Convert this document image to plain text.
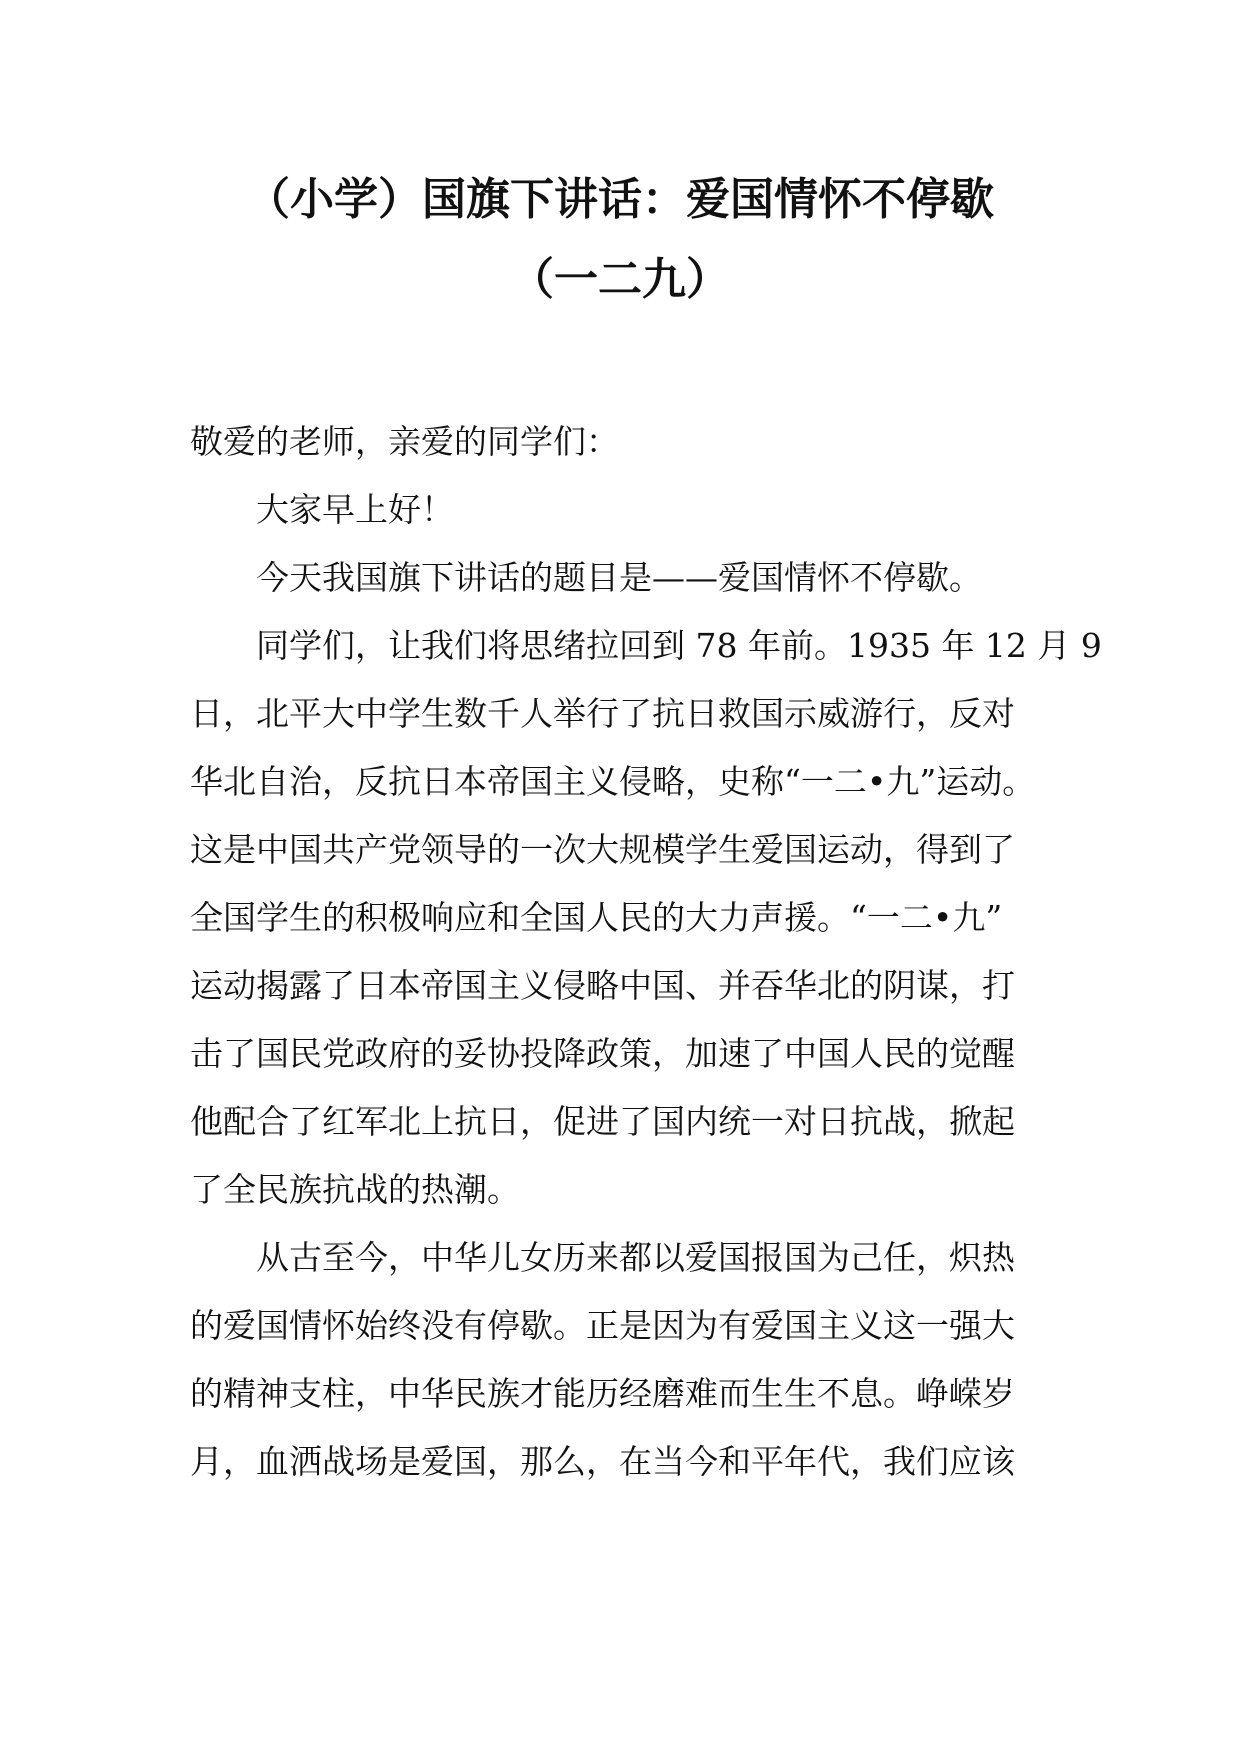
（小学）国旗下讲话：爱国情怀不停歇
（一二九）

敬爱的老师，亲爱的同学们：

大家早上好！

今天我国旗下讲话的题目是——爱国情怀不停歇。

同学们，让我们将思绪拉回到 78 年前。1935 年 12 月 9
日，北平大中学生数千人举行了抗日救国示威游行，反对
华北自治，反抗日本帝国主义侵略，史称“一二•九”运动。
这是中国共产党领导的一次大规模学生爱国运动，得到了
全国学生的积极响应和全国人民的大力声援。“一二•九”
运动揭露了日本帝国主义侵略中国、并吞华北的阴谋，打
击了国民党政府的妥协投降政策，加速了中国人民的觉醒
他配合了红军北上抗日，促进了国内统一对日抗战，掀起
了全民族抗战的热潮。

从古至今，中华儿女历来都以爱国报国为己任，炽热
的爱国情怀始终没有停歇。正是因为有爱国主义这一强大
的精神支柱，中华民族才能历经磨难而生生不息。峥嵘岁
月，血洒战场是爱国，那么，在当今和平年代，我们应该
